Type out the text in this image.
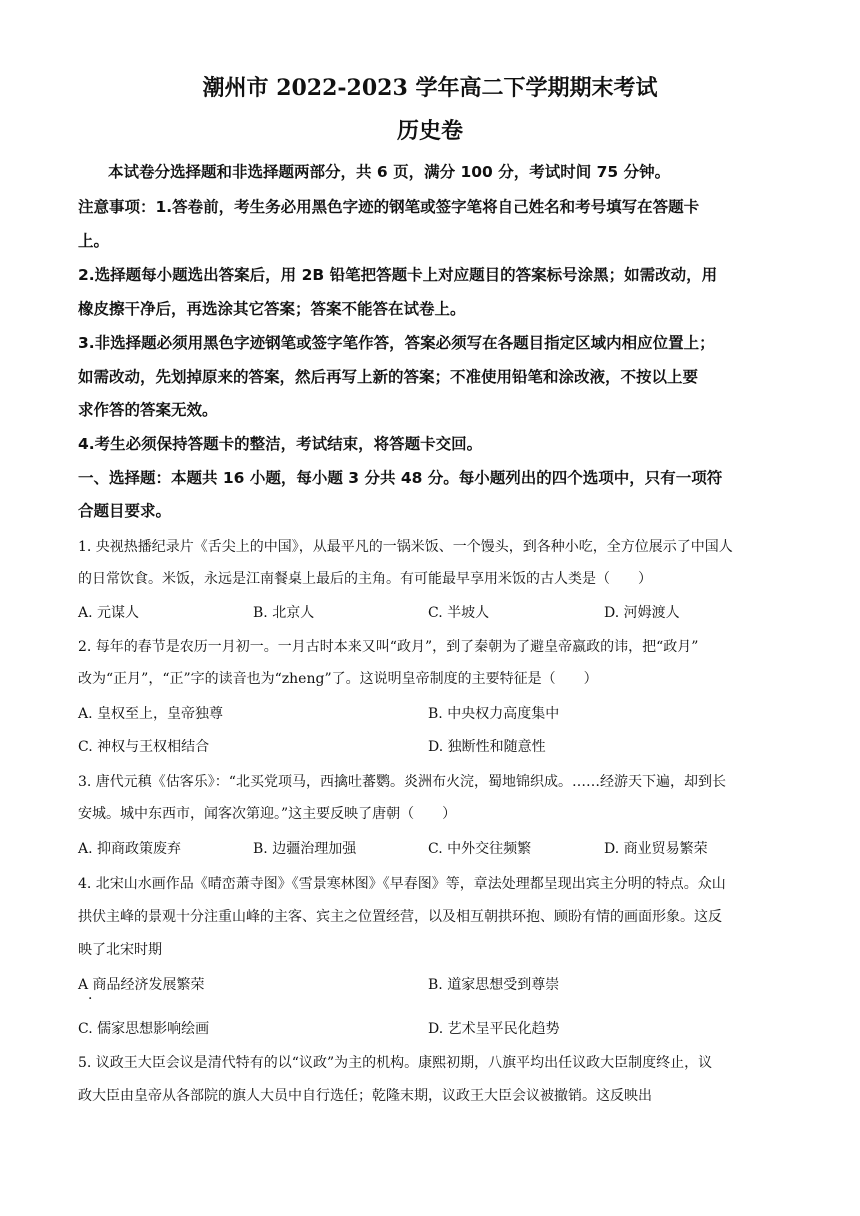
潮州市 2022-2023 学年高二下学期期末考试
历史卷
本试卷分选择题和非选择题两部分，共 6 页，满分 100 分，考试时间 75 分钟。
注意事项：1.答卷前，考生务必用黑色字迹的钢笔或签字笔将自己姓名和考号填写在答题卡
上。
2.选择题每小题选出答案后，用 2B 铅笔把答题卡上对应题目的答案标号涂黑；如需改动，用
橡皮擦干净后，再选涂其它答案；答案不能答在试卷上。
3.非选择题必须用黑色字迹钢笔或签字笔作答，答案必须写在各题目指定区域内相应位置上；
如需改动，先划掉原来的答案，然后再写上新的答案；不准使用铅笔和涂改液，不按以上要
求作答的答案无效。
4.考生必须保持答题卡的整洁，考试结束，将答题卡交回。
一、选择题：本题共 16 小题，每小题 3 分共 48 分。每小题列出的四个选项中，只有一项符
合题目要求。
1. 央视热播纪录片《舌尖上的中国》，从最平凡的一锅米饭、一个馒头，到各种小吃，全方位展示了中国人
的日常饮食。米饭，永远是江南餐桌上最后的主角。有可能最早享用米饭的古人类是（　　）
A. 元谋人	B. 北京人	C. 半坡人	D. 河姆渡人
2. 每年的春节是农历一月初一。一月古时本来又叫“政月”，到了秦朝为了避皇帝嬴政的讳，把“政月”
改为“正月”，“正”字的读音也为“zheng”了。这说明皇帝制度的主要特征是（　　）
A. 皇权至上，皇帝独尊	B. 中央权力高度集中
C. 神权与王权相结合	D. 独断性和随意性
3. 唐代元稹《估客乐》：“北买党项马，西擒吐蕃鹦。炎洲布火浣，蜀地锦织成。……经游天下遍，却到长
安城。城中东西市，闻客次第迎。”这主要反映了唐朝（　　）
A. 抑商政策废弃	B. 边疆治理加强	C. 中外交往频繁	D. 商业贸易繁荣
4. 北宋山水画作品《晴峦萧寺图》《雪景寒林图》《早春图》等，章法处理都呈现出宾主分明的特点。众山
拱伏主峰的景观十分注重山峰的主客、宾主之位置经营，以及相互朝拱环抱、顾盼有情的画面形象。这反
映了北宋时期
A 商品经济发展繁荣
·
B. 道家思想受到尊崇
C. 儒家思想影响绘画	D. 艺术呈平民化趋势
5. 议政王大臣会议是清代特有的以“议政”为主的机构。康熙初期，八旗平均出任议政大臣制度终止，议
政大臣由皇帝从各部院的旗人大员中自行选任；乾隆末期，议政王大臣会议被撤销。这反映出
